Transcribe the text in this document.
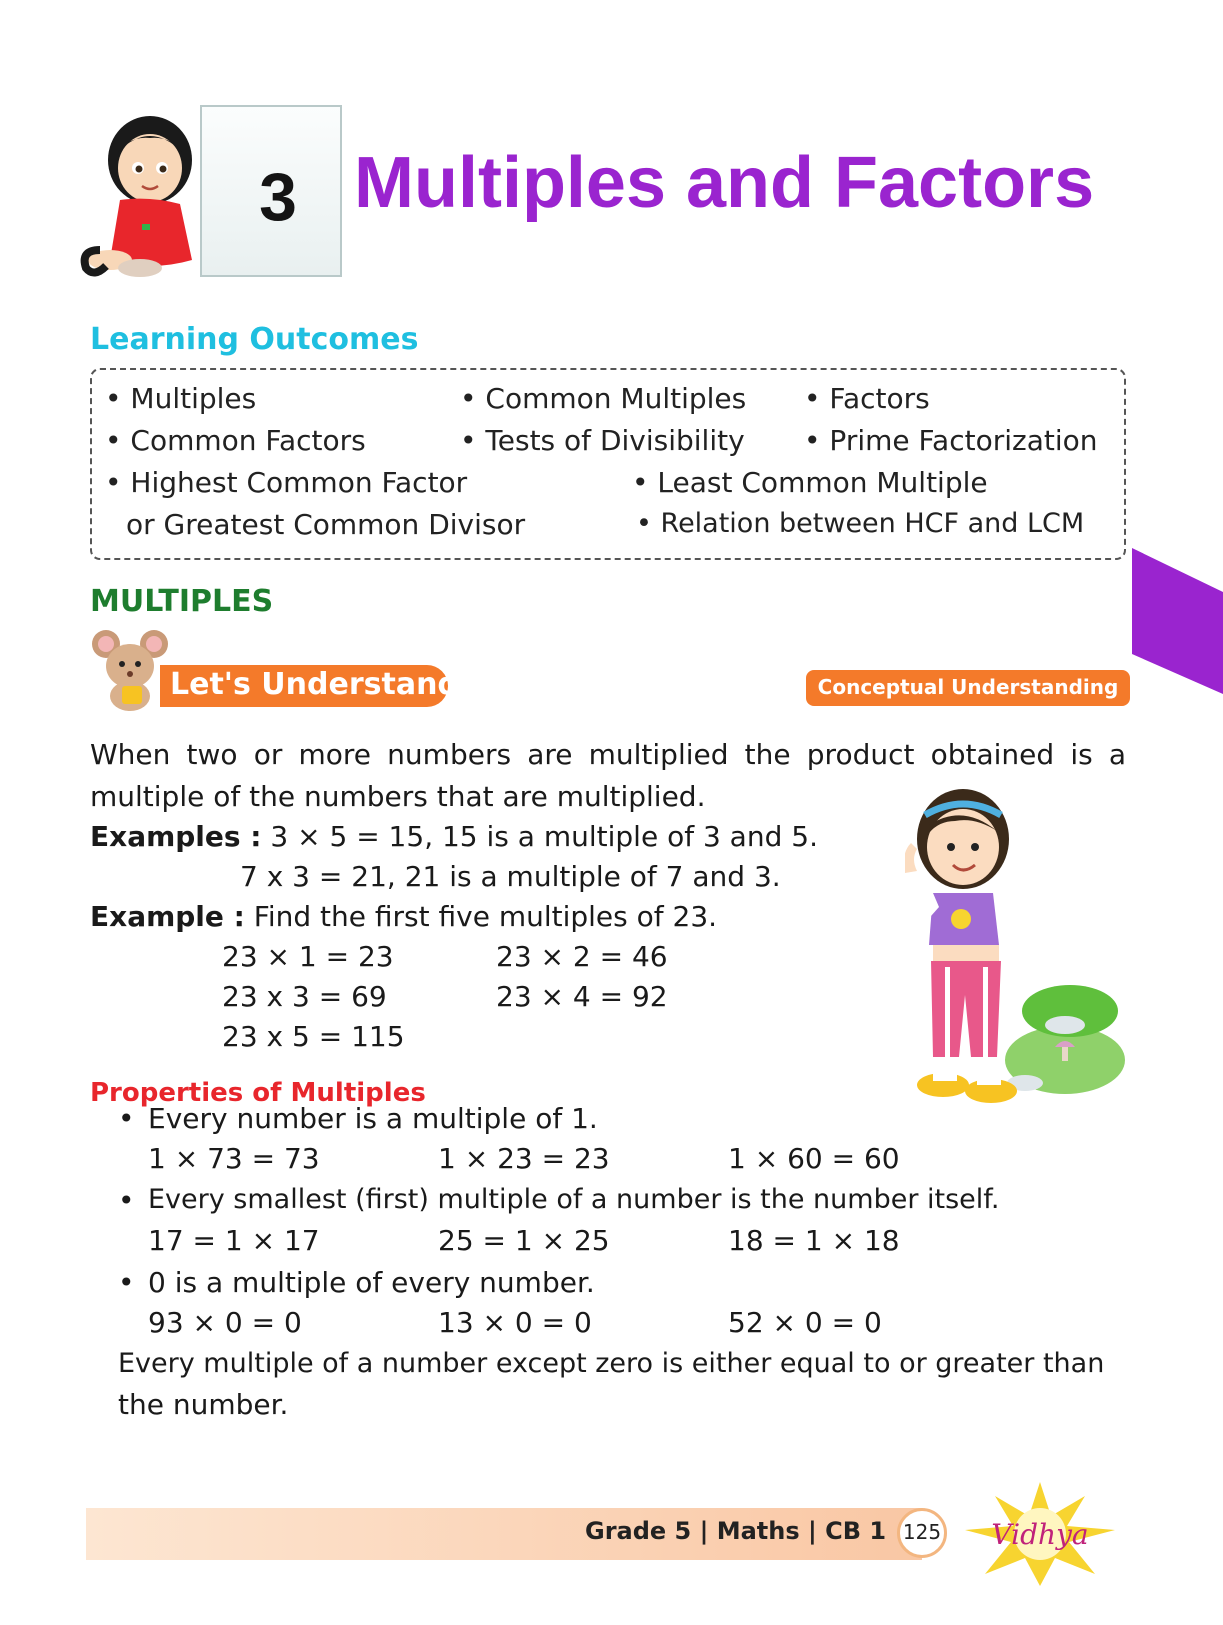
3 Multiples and Factors
Learning Outcomes
• Multiples	• Common Multiples • Factors
• Common Factors	• Tests of Divisibility • Prime Factorization
• Highest Common Factor
or Greatest Common Divisor
• Least Common Multiple
• Relation between HCF and LCM
MULTIPLES
Let's Understand	Conceptual Understanding
When two or more numbers are multiplied the product obtained is a
multiple of the numbers that are multiplied.
Examples : 3 × 5 = 15, 15 is a multiple of 3 and 5.
7 x 3 = 21, 21 is a multiple of 7 and 3.
Example : Find the first five multiples of 23.
23 × 1 = 23	23 × 2 = 46
23 x 3 = 69	23 × 4 = 92
23 x 5 = 115
Properties of Multiples
• Every number is a multiple of 1.
1 × 73 = 73	1 × 23 = 23	1 × 60 = 60
• Every smallest (first) multiple of a number is the number itself.
17 = 1 × 17	25 = 1 × 25	18 = 1 × 18
• 0 is a multiple of every number.
93 × 0 = 0	13 × 0 = 0	52 × 0 = 0
Every multiple of a number except zero is either equal to or greater than
the number.
Grade 5 | Maths | CB 1 125 Vidhya
